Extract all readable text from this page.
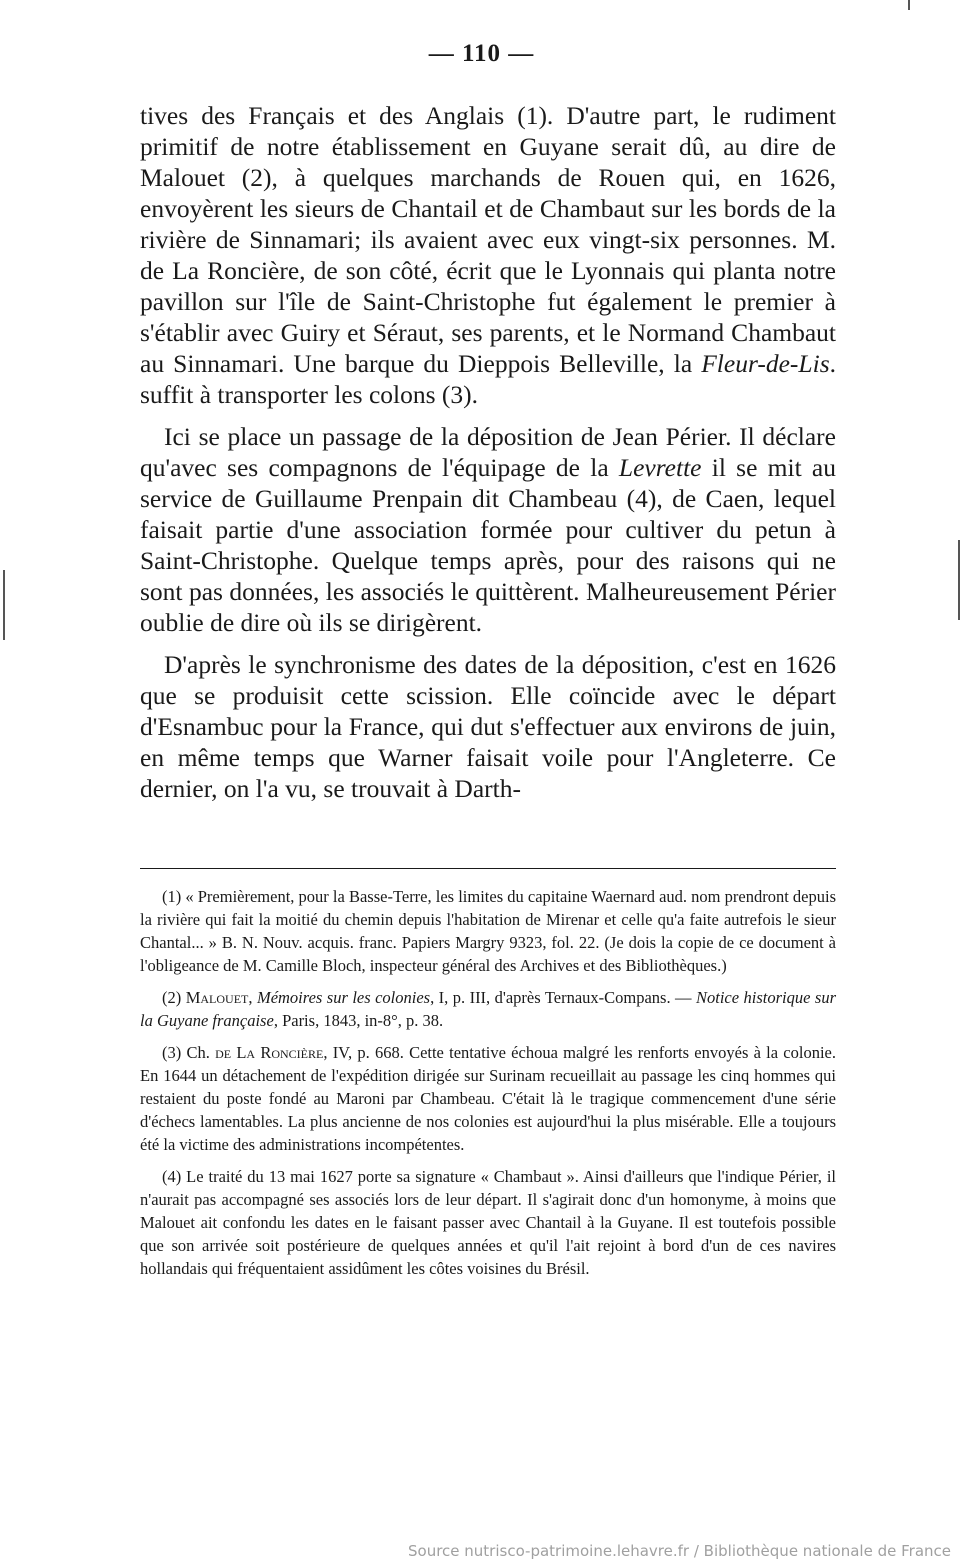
— 110 —

tives des Français et des Anglais (1). D'autre part, le rudiment primitif de notre établissement en Guyane serait dû, au dire de Malouet (2), à quelques marchands de Rouen qui, en 1626, envoyèrent les sieurs de Chantail et de Chambaut sur les bords de la rivière de Sinnamari; ils avaient avec eux vingt-six personnes. M. de La Roncière, de son côté, écrit que le Lyonnais qui planta notre pavillon sur l'île de Saint-Christophe fut également le premier à s'établir avec Guiry et Séraut, ses parents, et le Normand Chambaut au Sinnamari. Une barque du Dieppois Belleville, la Fleur-de-Lis. suffit à transporter les colons (3).

Ici se place un passage de la déposition de Jean Périer. Il déclare qu'avec ses compagnons de l'équipage de la Levrette il se mit au service de Guillaume Prenpain dit Chambeau (4), de Caen, lequel faisait partie d'une association formée pour cultiver du petun à Saint-Christophe. Quelque temps après, pour des raisons qui ne sont pas données, les associés le quittèrent. Malheureusement Périer oublie de dire où ils se dirigèrent.

D'après le synchronisme des dates de la déposition, c'est en 1626 que se produisit cette scission. Elle coïncide avec le départ d'Esnambuc pour la France, qui dut s'effectuer aux environs de juin, en même temps que Warner faisait voile pour l'Angleterre. Ce dernier, on l'a vu, se trouvait à Darth-

(1) « Premièrement, pour la Basse-Terre, les limites du capitaine Waernard aud. nom prendront depuis la rivière qui fait la moitié du chemin depuis l'habitation de Mirenar et celle qu'a faite autrefois le sieur Chantal... » B. N. Nouv. acquis. franc. Papiers Margry 9323, fol. 22. (Je dois la copie de ce document à l'obligeance de M. Camille Bloch, inspecteur général des Archives et des Bibliothèques.)

(2) Malouet, Mémoires sur les colonies, I, p. III, d'après Ternaux-Compans. — Notice historique sur la Guyane française, Paris, 1843, in-8°, p. 38.

(3) Ch. de La Roncière, IV, p. 668. Cette tentative échoua malgré les renforts envoyés à la colonie. En 1644 un détachement de l'expédition dirigée sur Surinam recueillait au passage les cinq hommes qui restaient du poste fondé au Maroni par Chambeau. C'était là le tragique commencement d'une série d'échecs lamentables. La plus ancienne de nos colonies est aujourd'hui la plus misérable. Elle a toujours été la victime des administrations incompétentes.

(4) Le traité du 13 mai 1627 porte sa signature « Chambaut ». Ainsi d'ailleurs que l'indique Périer, il n'aurait pas accompagné ses associés lors de leur départ. Il s'agirait donc d'un homonyme, à moins que Malouet ait confondu les dates en le faisant passer avec Chantail à la Guyane. Il est toutefois possible que son arrivée soit postérieure de quelques années et qu'il l'ait rejoint à bord d'un de ces navires hollandais qui fréquentaient assidûment les côtes voisines du Brésil.

Source nutrisco-patrimoine.lehavre.fr / Bibliothèque nationale de France
